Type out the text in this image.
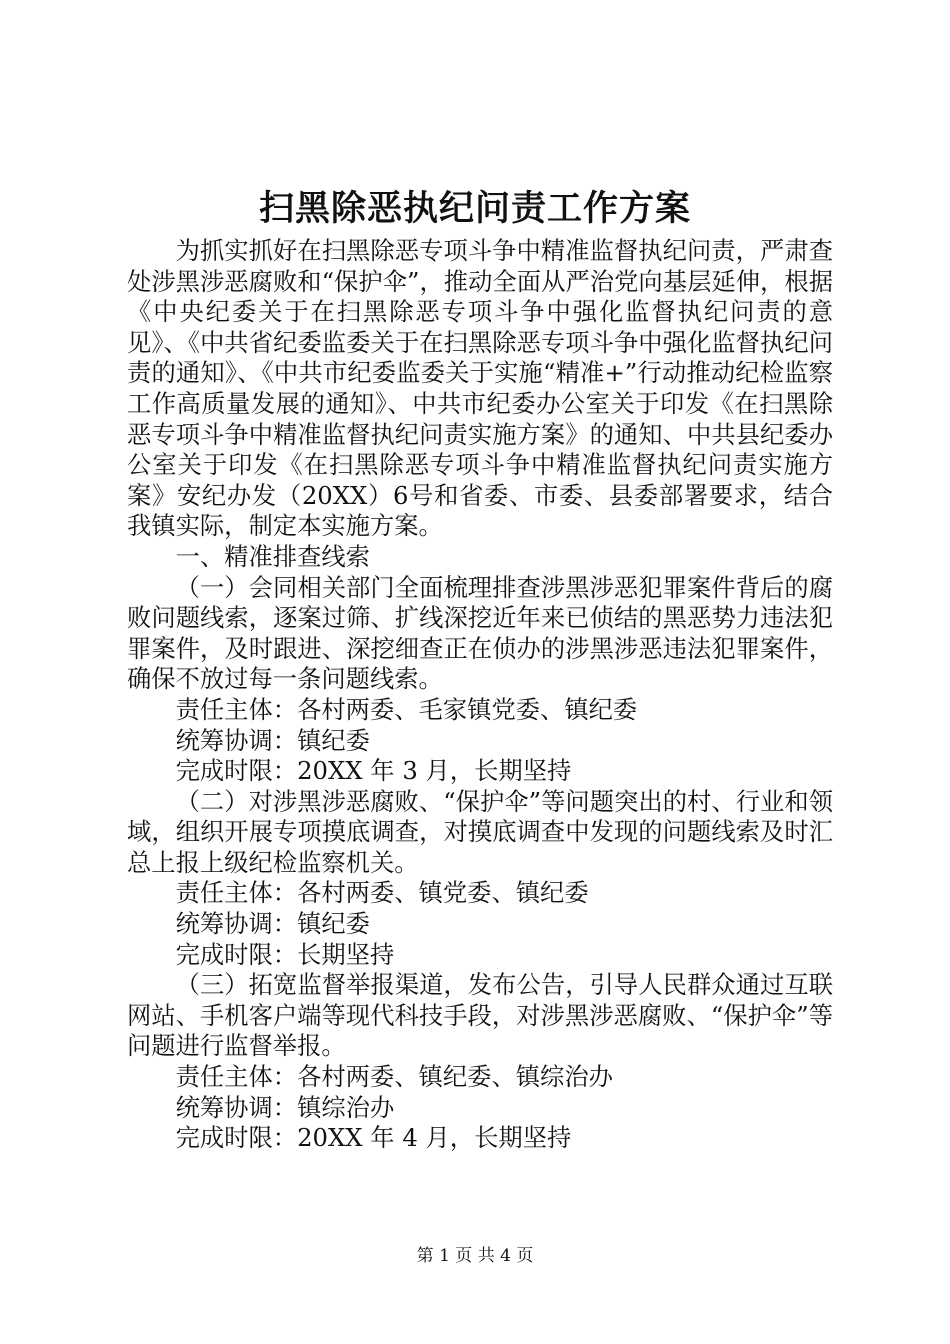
扫黑除恶执纪问责工作方案

为抓实抓好在扫黑除恶专项斗争中精准监督执纪问责，严肃查处涉黑涉恶腐败和“保护伞”，推动全面从严治党向基层延伸，根据《中央纪委关于在扫黑除恶专项斗争中强化监督执纪问责的意见》、《中共省纪委监委关于在扫黑除恶专项斗争中强化监督执纪问责的通知》、《中共市纪委监委关于实施“精准+”行动推动纪检监察工作高质量发展的通知》、中共市纪委办公室关于印发《在扫黑除恶专项斗争中精准监督执纪问责实施方案》的通知、中共县纪委办公室关于印发《在扫黑除恶专项斗争中精准监督执纪问责实施方案》安纪办发（20XX）6号和省委、市委、县委部署要求，结合我镇实际，制定本实施方案。

一、精准排查线索

（一）会同相关部门全面梳理排查涉黑涉恶犯罪案件背后的腐败问题线索，逐案过筛、扩线深挖近年来已侦结的黑恶势力违法犯罪案件，及时跟进、深挖细查正在侦办的涉黑涉恶违法犯罪案件，确保不放过每一条问题线索。

责任主体：各村两委、毛家镇党委、镇纪委

统筹协调：镇纪委

完成时限：20XX 年 3 月，长期坚持

（二）对涉黑涉恶腐败、“保护伞”等问题突出的村、行业和领域，组织开展专项摸底调查，对摸底调查中发现的问题线索及时汇总上报上级纪检监察机关。

责任主体：各村两委、镇党委、镇纪委

统筹协调：镇纪委

完成时限：长期坚持

（三）拓宽监督举报渠道，发布公告，引导人民群众通过互联网站、手机客户端等现代科技手段，对涉黑涉恶腐败、“保护伞”等问题进行监督举报。

责任主体：各村两委、镇纪委、镇综治办

统筹协调：镇综治办

完成时限：20XX 年 4 月，长期坚持

第 1 页 共 4 页
